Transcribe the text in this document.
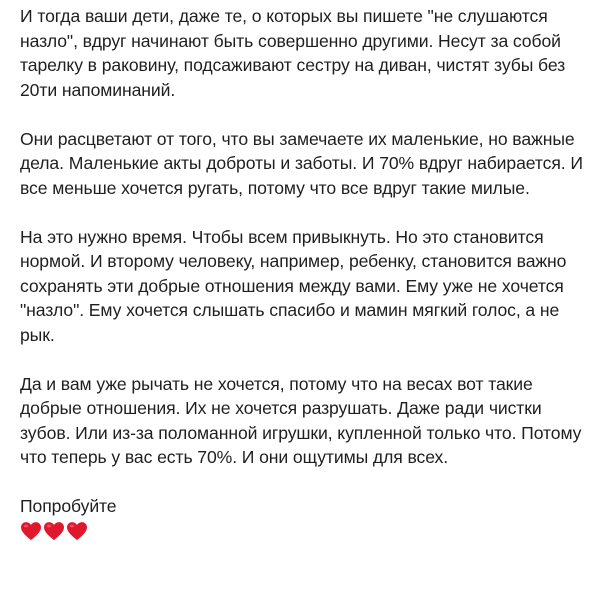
И тогда ваши дети, даже те, о которых вы пишете "не слушаются назло", вдруг начинают быть совершенно другими. Несут за собой тарелку в раковину, подсаживают сестру на диван, чистят зубы без 20ти напоминаний.

Они расцветают от того, что вы замечаете их маленькие, но важные дела. Маленькие акты доброты и заботы. И 70% вдруг набирается. И все меньше хочется ругать, потому что все вдруг такие милые.

На это нужно время. Чтобы всем привыкнуть. Но это становится нормой. И второму человеку, например, ребенку, становится важно сохранять эти добрые отношения между вами. Ему уже не хочется "назло". Ему хочется слышать спасибо и мамин мягкий голос, а не рык.

Да и вам уже рычать не хочется, потому что на весах вот такие добрые отношения. Их не хочется разрушать. Даже ради чистки зубов. Или из-за поломанной игрушки, купленной только что. Потому что теперь у вас есть 70%. И они ощутимы для всех.

Попробуйте
